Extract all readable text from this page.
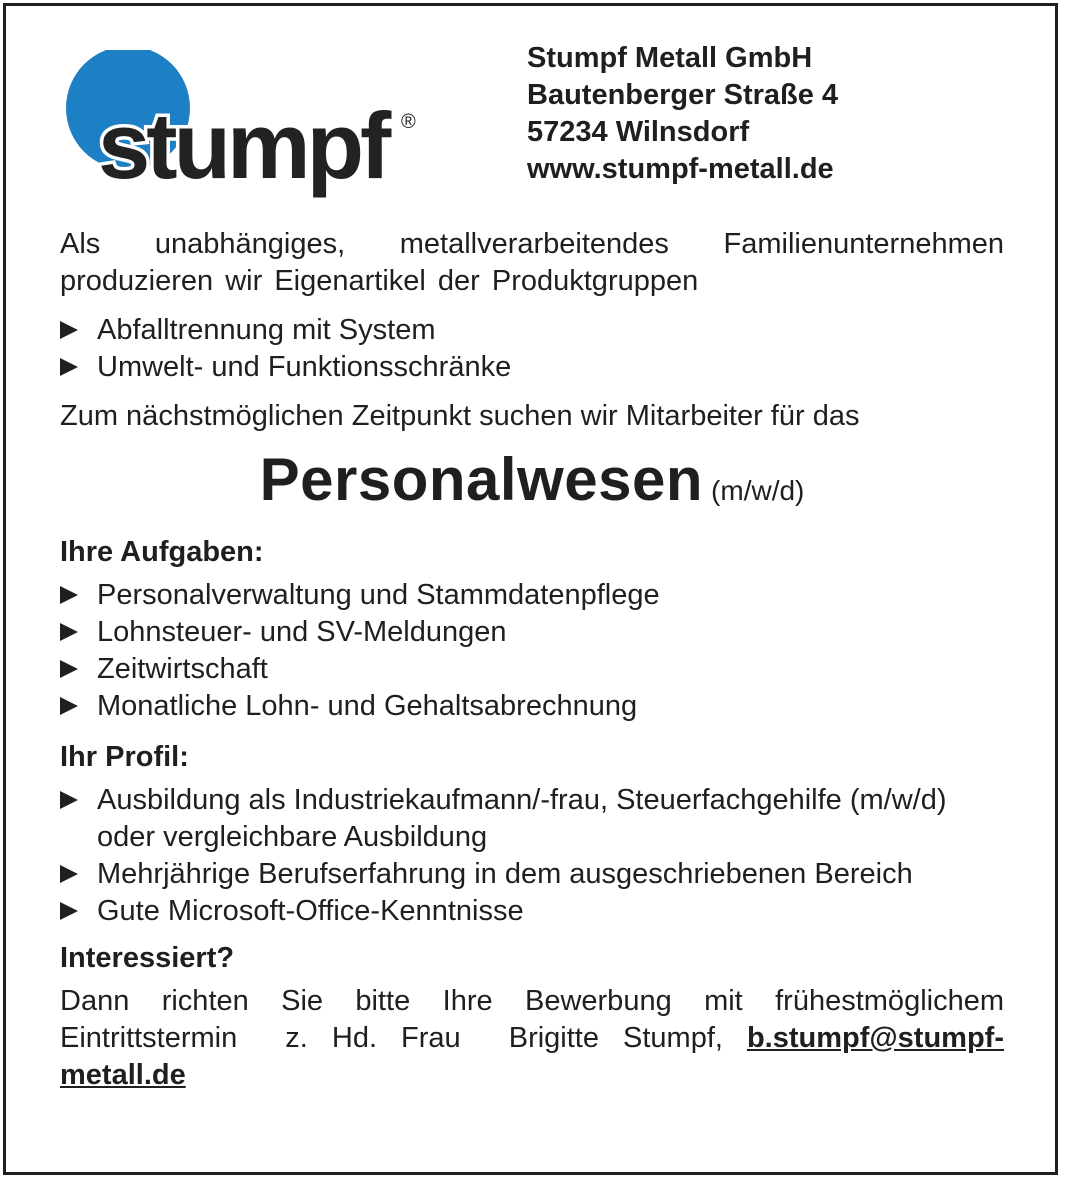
stumpf ®
Stumpf Metall GmbH
Bautenberger Straße 4
57234 Wilnsdorf
www.stumpf-metall.de

Als unabhängiges, metallverarbeitendes Familienunternehmen produzieren wir Eigenartikel der Produktgruppen

Abfalltrennung mit System
Umwelt- und Funktionsschränke

Zum nächstmöglichen Zeitpunkt suchen wir Mitarbeiter für das

Personalwesen (m/w/d)

Ihre Aufgaben:

Personalverwaltung und Stammdatenpflege
Lohnsteuer- und SV-Meldungen
Zeitwirtschaft
Monatliche Lohn- und Gehaltsabrechnung

Ihr Profil:

Ausbildung als Industriekaufmann/-frau, Steuerfachgehilfe (m/w/d) oder vergleichbare Ausbildung
Mehrjährige Berufserfahrung in dem ausgeschriebenen Bereich
Gute Microsoft-Office-Kenntnisse

Interessiert?

Dann richten Sie bitte Ihre Bewerbung mit frühestmöglichem Eintrittstermin  z. Hd. Frau  Brigitte Stumpf, b.stumpf@stumpf-metall.de
